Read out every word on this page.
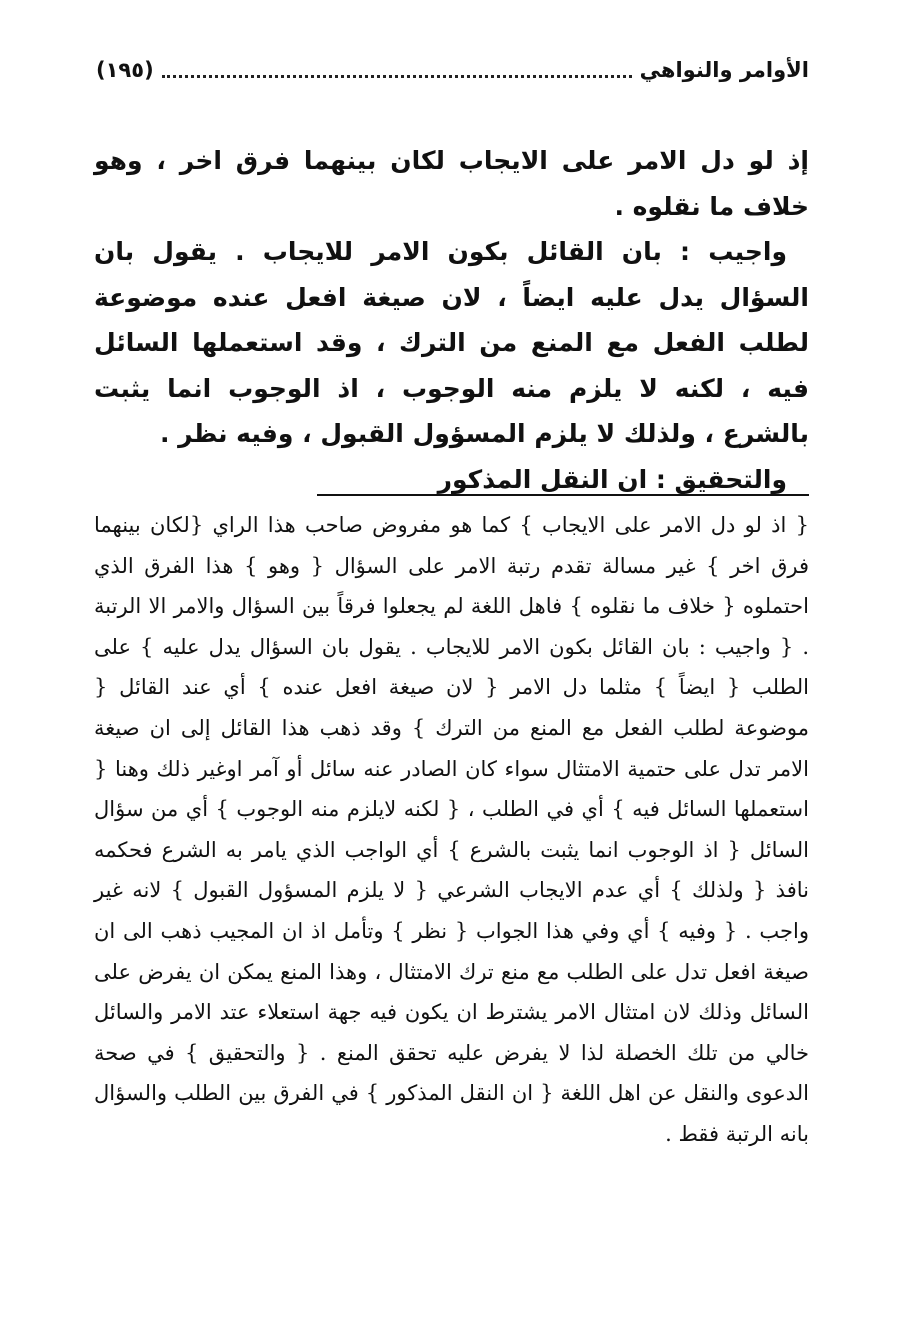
الأوامر والنواهي
(١٩٥)

إذ لو دل الامر على الايجاب لكان بينهما فرق اخر ، وهو خلاف ما نقلوه .

واجيب : بان القائل بكون الامر للايجاب . يقول بان السؤال يدل عليه ايضاً ، لان صيغة افعل عنده موضوعة لطلب الفعل مع المنع من الترك ، وقد استعملها السائل فيه ، لكنه لا يلزم منه الوجوب ، اذ الوجوب انما يثبت بالشرع ، ولذلك لا يلزم المسؤول القبول ، وفيه نظر .

والتحقيق : ان النقل المذكور

{ اذ لو دل الامر على الايجاب } كما هو مفروض صاحب هذا الراي {لكان بينهما فرق اخر } غير مسالة تقدم رتبة الامر على السؤال { وهو } هذا الفرق الذي احتملوه { خلاف ما نقلوه } فاهل اللغة لم يجعلوا فرقاً بين السؤال والامر الا الرتبة . { واجيب : بان القائل بكون الامر للايجاب . يقول بان السؤال يدل عليه } على الطلب { ايضاً } مثلما دل الامر { لان صيغة افعل عنده } أي عند القائل { موضوعة لطلب الفعل مع المنع من الترك } وقد ذهب هذا القائل إلى ان صيغة الامر تدل على حتمية الامتثال سواء كان الصادر عنه سائل أو آمر اوغير ذلك وهنا { استعملها السائل فيه } أي في الطلب ، { لكنه لايلزم منه الوجوب } أي من سؤال السائل { اذ الوجوب انما يثبت بالشرع } أي الواجب الذي يامر به الشرع فحكمه نافذ { ولذلك } أي عدم الايجاب الشرعي { لا يلزم المسؤول القبول } لانه غير واجب . { وفيه } أي وفي هذا الجواب { نظر } وتأمل اذ ان المجيب ذهب الى ان صيغة افعل تدل على الطلب مع منع ترك الامتثال ، وهذا المنع يمكن ان يفرض على السائل وذلك لان امتثال الامر يشترط ان يكون فيه جهة استعلاء عتد الامر والسائل خالي من تلك الخصلة لذا لا يفرض عليه تحقق المنع . { والتحقيق } في صحة الدعوى والنقل عن اهل اللغة { ان النقل المذكور } في الفرق بين الطلب والسؤال بانه الرتبة فقط .
